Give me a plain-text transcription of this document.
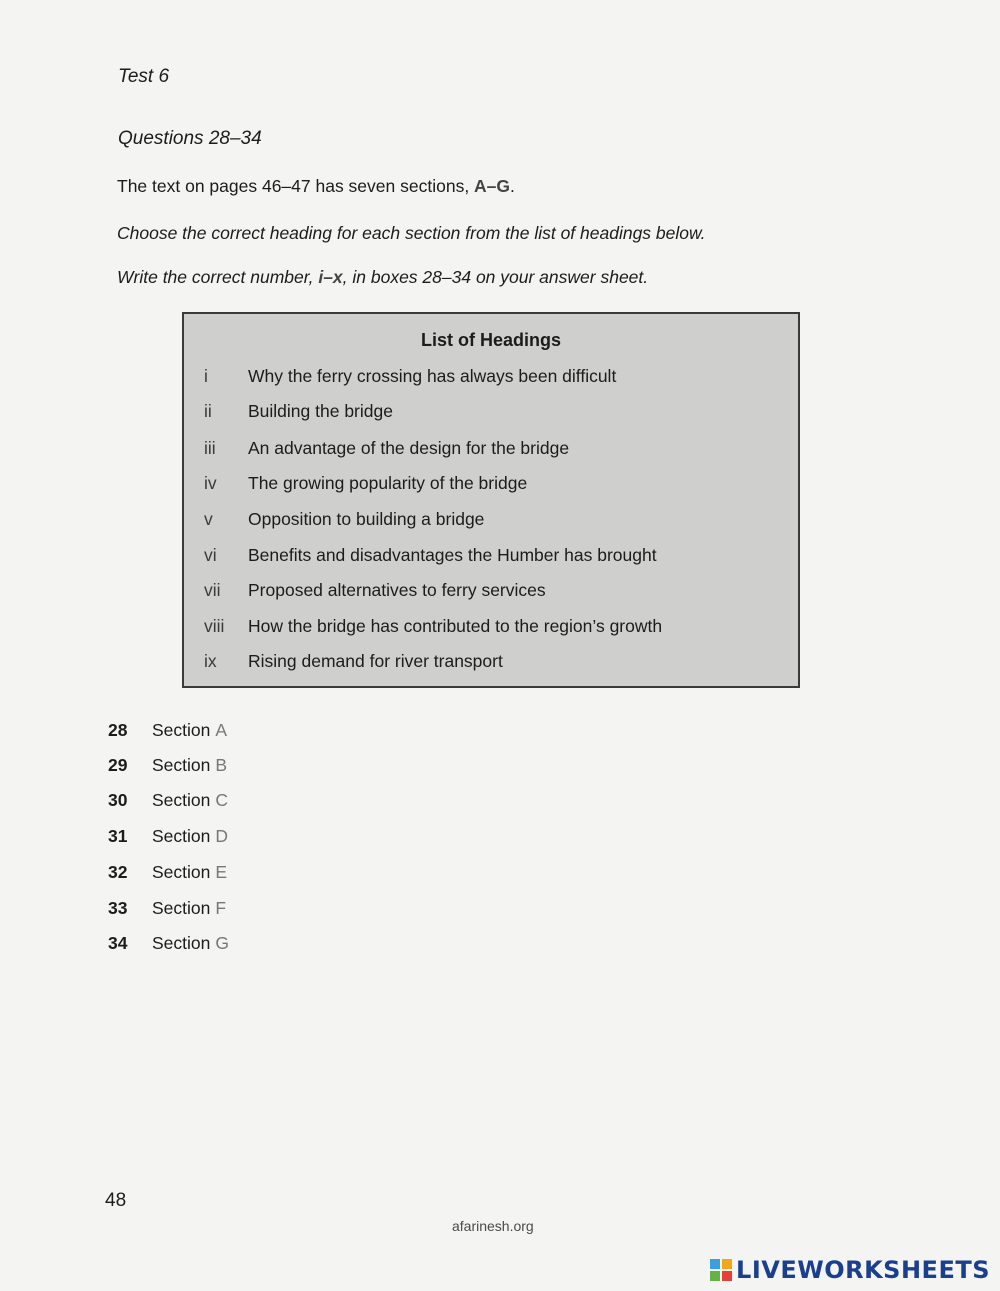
Test 6
Questions 28–34
The text on pages 46–47 has seven sections, A–G.
Choose the correct heading for each section from the list of headings below.
Write the correct number, i–x, in boxes 28–34 on your answer sheet.
List of Headings
i	Why the ferry crossing has always been difficult
ii	Building the bridge
iii	An advantage of the design for the bridge
iv	The growing popularity of the bridge
v	Opposition to building a bridge
vi	Benefits and disadvantages the Humber has brought
vii	Proposed alternatives to ferry services
viii	How the bridge has contributed to the region’s growth
ix	Rising demand for river transport
28 Section A
29 Section B
30 Section C
31 Section D
32 Section E
33 Section F
34 Section G
48
afarinesh.org
LIVEWORKSHEETS
